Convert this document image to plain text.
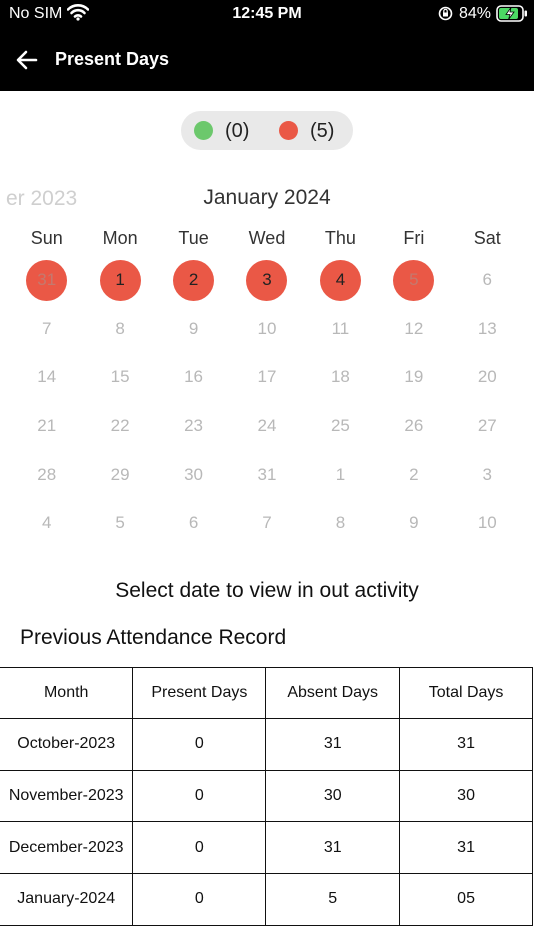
No SIM	12:45 PM	84%
Present Days
(0)	(5)
er 2023	January 2024
Sun	Mon	Tue	Wed	Thu	Fri	Sat
31	1	2	3	4	5	6
7	8	9	10	11	12	13
14	15	16	17	18	19	20
21	22	23	24	25	26	27
28	29	30	31	1	2	3
4	5	6	7	8	9	10
Select date to view in out activity
Previous Attendance Record
Month	Present Days	Absent Days	Total Days
October-2023	0	31	31
November-2023	0	30	30
December-2023	0	31	31
January-2024	0	5	05
